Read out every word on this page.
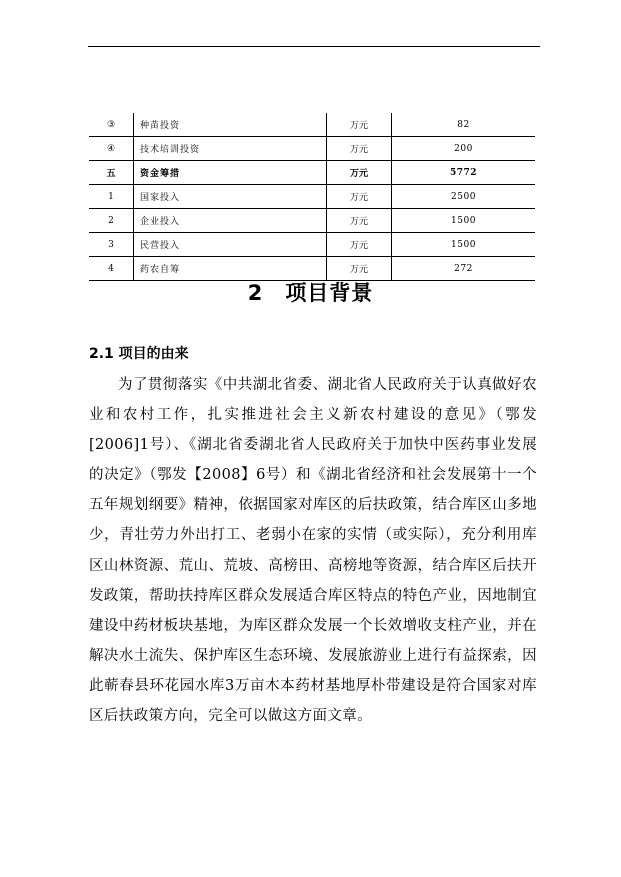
③	种苗投资	万元	82
④	技术培训投资	万元	200
五	资金筹措	万元	5772
1	国家投入	万元	2500
2	企业投入	万元	1500
3	民营投入	万元	1500
4	药农自筹	万元	272
2 项目背景
2.1 项目的由来

为了贯彻落实《中共湖北省委、湖北省人民政府关于认真做好农业和农村工作，扎实推进社会主义新农村建设的意见》（鄂发[2006]1号）、《湖北省委湖北省人民政府关于加快中医药事业发展的决定》（鄂发【2008】6号）和《湖北省经济和社会发展第十一个五年规划纲要》精神，依据国家对库区的后扶政策，结合库区山多地少，青壮劳力外出打工、老弱小在家的实情（或实际），充分利用库区山林资源、荒山、荒坡、高榜田、高榜地等资源，结合库区后扶开发政策，帮助扶持库区群众发展适合库区特点的特色产业，因地制宜建设中药材板块基地，为库区群众发展一个长效增收支柱产业，并在解决水土流失、保护库区生态环境、发展旅游业上进行有益探索，因此蕲春县环花园水库3万亩木本药材基地厚朴带建设是符合国家对库区后扶政策方向，完全可以做这方面文章。
